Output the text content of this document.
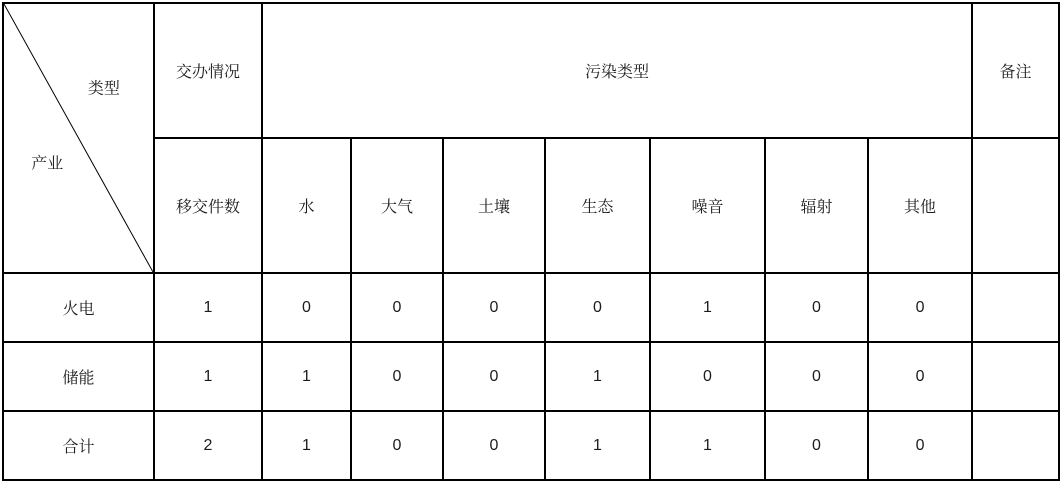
类型
产业	交办情况	污染类型							备注
	移交件数	水	大气	土壤	生态	噪音	辐射	其他	
火电	1	0	0	0	0	1	0	0	
储能	1	1	0	0	1	0	0	0	
合计	2	1	0	0	1	1	0	0	
